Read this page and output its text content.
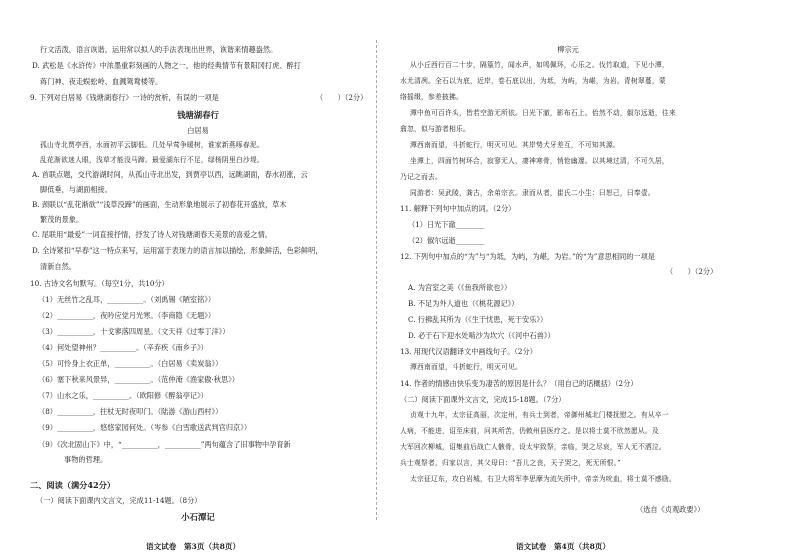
行文活泼，语言诙谐，运用常以拟人的手法表现出世界，诙谐来情趣盎然。
D. 武松是《水浒传》中浓墨重彩刻画的人物之一，他的经典情节有景阳冈打虎、醉打
蒋门神、夜走蜈蚣岭、血溅鸳鸯楼等。
9. 下列对白居易《钱塘湖春行》一诗的赏析，有误的一项是	（　　）（2分）
钱塘湖春行
白居易
孤山寺北贾亭西，水面初平云脚低。几处早莺争暖树，谁家新燕啄春泥。
乱花渐欲迷人眼，浅草才能没马蹄。最爱湖东行不足，绿杨阴里白沙堤。
A. 首联点题，交代游湖时间，从孤山寺北出发，到贾亭以西，远眺湖面，春水初涨，云
脚低垂，与湖面相接。
B. 颈联以“乱花渐欲”“浅草没蹄”的画面，生动形象地展示了初春花开盛放，草木
繁茂的景象。
C. 尾联用“最爱”一词直接抒情，抒发了诗人对钱塘湖春天美景的喜爱之情。
D. 全诗紧扣“早春”这一特点来写，运用富于表现力的语言加以描绘，形象鲜活，色彩鲜明，
清新自然。
10. 古诗文名句默写。（每空1分，共10分）
（1）无丝竹之乱耳，__________。（刘禹锡《陋室铭》）
（2）__________，夜吟应觉月光寒。（李商隐《无题》）
（3）__________，十戈寥落四周星。（文天祥《过零丁洋》）
（4）何处望神州？__________。（辛弃疾《南乡子》）
（5）可怜身上衣正单，__________。（白居易《卖炭翁》）
（6）塞下秋来风景异，__________。（范仲淹《渔家傲·秋思》）
（7）山水之乐，__________。（欧阳修《醉翁亭记》）
（8）__________，拄杖无时夜叩门。（陆游《游山西村》）
（9）__________，悠悠家园何处。（岑参《白雪歌送武判官归京》）
（9）《次北固山下》中，“__________，__________”两句蕴含了旧事物中孕育新
事物的哲理。
二、阅读（满分42分）
（一）阅读下面课内文言文，完成11-14题。（8分）
小石潭记
语文试卷　第3页（共8页）
柳宗元
从小丘西行百二十步，隔篁竹，闻水声，如鸣佩环，心乐之。伐竹取道，下见小潭，
水尤清冽。全石以为底，近岸，卷石底以出，为坻，为屿，为嵁，为岩。青树翠蔓，蒙
络摇缀，参差披拂。
潭中鱼可百许头，皆若空游无所依。日光下澈，影布石上。佁然不动，俶尔远逝，往来
翕忽，似与游者相乐。
潭西南而望，斗折蛇行，明灭可见。其岸势犬牙差互，不可知其源。
坐潭上，四面竹树环合，寂寥无人，凄神寒骨，悄怆幽邃。以其境过清，不可久居，
乃记之而去。
同游者：吴武陵，龚古，余弟宗玄。隶而从者，崔氏二小生：曰恕己，曰奉壹。
11. 解释下列句中加点的词。（2分）
（1）日光下澈________
（2）俶尔远逝________
12. 下列句中加点的“为”与“为坻，为屿，为嵁，为岩。”的“为”意思相同的一项是
（　　）（2分）
A. 为宫室之美（《鱼我所欲也》）
B. 不足为外人道也（《桃花源记》）
C. 行拂乱其所为（《生于忧患，死于安乐》）
D. 必于石下迎水处啮沙为坎穴（《河中石兽》）
13. 用现代汉语翻译文中画线句子。（2分）
潭西南而望，斗折蛇行，明灭可见。
14. 作者的情感由快乐变为凄苦的原因是什么？（用自己的话概括）（2分）
（二）阅读下面课外文言文，完成15-18题。（7分）
贞观十九年，太宗征高丽，次定州，有兵士到者，帝御州城北门楼抚慰之。有从卒一
人病，不能进，诏至床前，问其所苦，仍敕州县医疗之。是以将士莫不欣然愿从。及
大军回次柳城，诏集前后战亡人骸骨，设太牢致祭，亲临，哭之尽哀，军人无不洒泣。
兵士观祭者，归家以言，其父母曰：“吾儿之丧，天子哭之，死无所恨。”
太宗征辽东，攻白岩城，右卫大将军李思摩为流矢所中，帝亲为吮血，将士莫不感励。
（选自《贞观政要》）
语文试卷　第4页（共8页）
